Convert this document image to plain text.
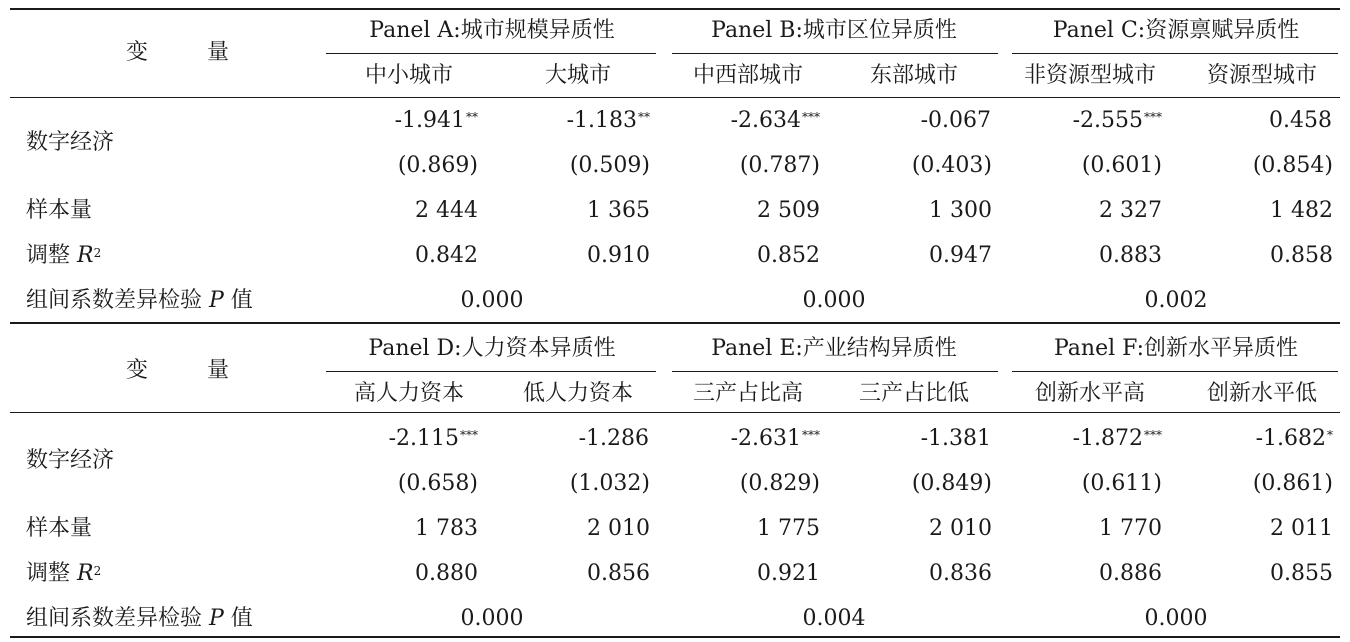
变 量
Panel A:城市规模异质性
中小城市	大城市
Panel B:城市区位异质性
中西部城市	东部城市
Panel C:资源禀赋异质性
非资源型城市	资源型城市
数字经济
-1.941**	-1.183**	-2.634***	-0.067	-2.555***	0.458
(0.869)	(0.509)	(0.787)	(0.403)	(0.601)	(0.854)
样本量	2 444	1 365	2 509	1 300	2 327	1 482
调整 $R^2$	0.842	0.910	0.852	0.947	0.883	0.858
组间系数差异检验 P 值	0.000	0.000	0.002
变 量
Panel D:人力资本异质性
高人力资本	低人力资本
Panel E:产业结构异质性
三产占比高	三产占比低
Panel F:创新水平异质性
创新水平高	创新水平低
数字经济
-2.115***	-1.286	-2.631***	-1.381	-1.872***	-1.682*
(0.658)	(1.032)	(0.829)	(0.849)	(0.611)	(0.861)
样本量	1 783	2 010	1 775	2 010	1 770	2 011
调整 $R^2$	0.880	0.856	0.921	0.836	0.886	0.855
组间系数差异检验 P 值	0.000	0.004	0.000
